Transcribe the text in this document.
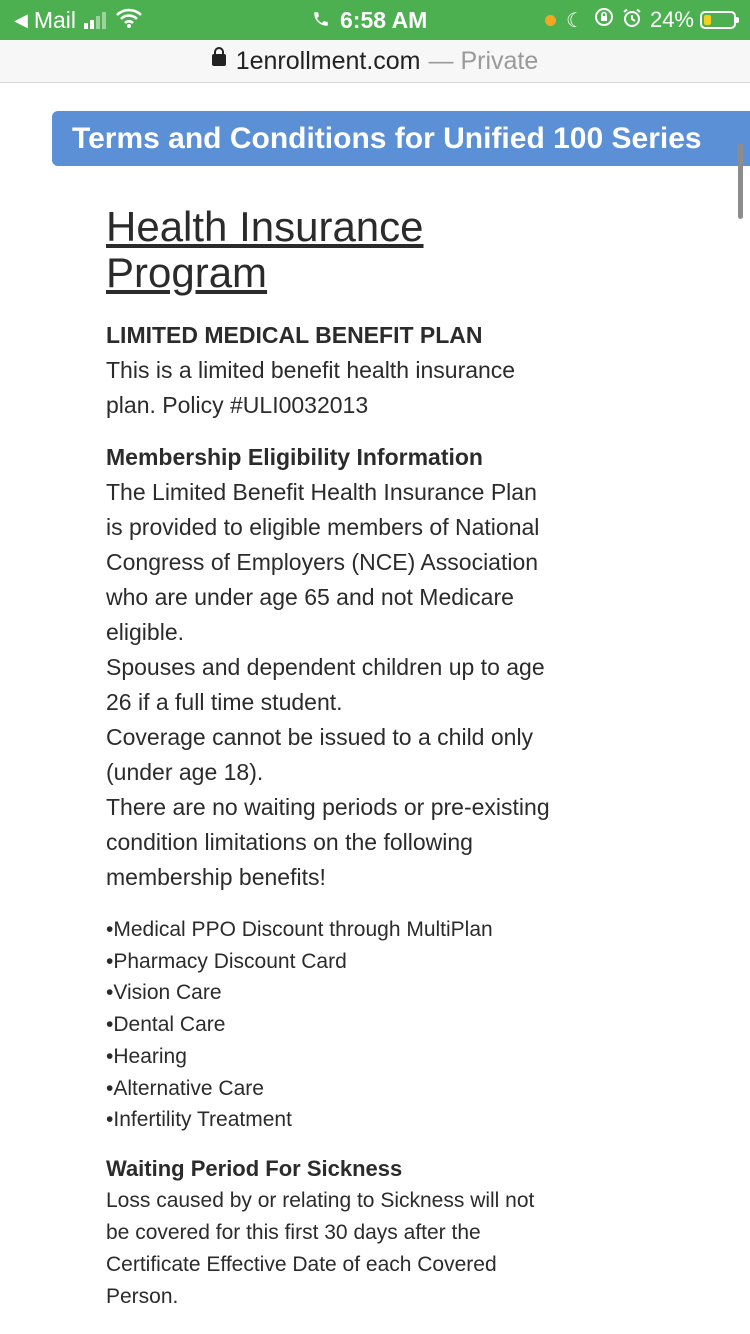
◀ Mail	6:58 AM	☾	24%
1enrollment.com — Private
Terms and Conditions for Unified 100 Series
Health Insurance
Program
LIMITED MEDICAL BENEFIT PLAN
This is a limited benefit health insurance plan. Policy #ULI0032013
Membership Eligibility Information
The Limited Benefit Health Insurance Plan is provided to eligible members of National Congress of Employers (NCE) Association who are under age 65 and not Medicare eligible.
Spouses and dependent children up to age 26 if a full time student.
Coverage cannot be issued to a child only (under age 18).
There are no waiting periods or pre-existing condition limitations on the following membership benefits!
• Medical PPO Discount through MultiPlan
• Pharmacy Discount Card
• Vision Care
• Dental Care
• Hearing
• Alternative Care
• Infertility Treatment
Waiting Period For Sickness
Loss caused by or relating to Sickness will not be covered for this first 30 days after the Certificate Effective Date of each Covered Person.
